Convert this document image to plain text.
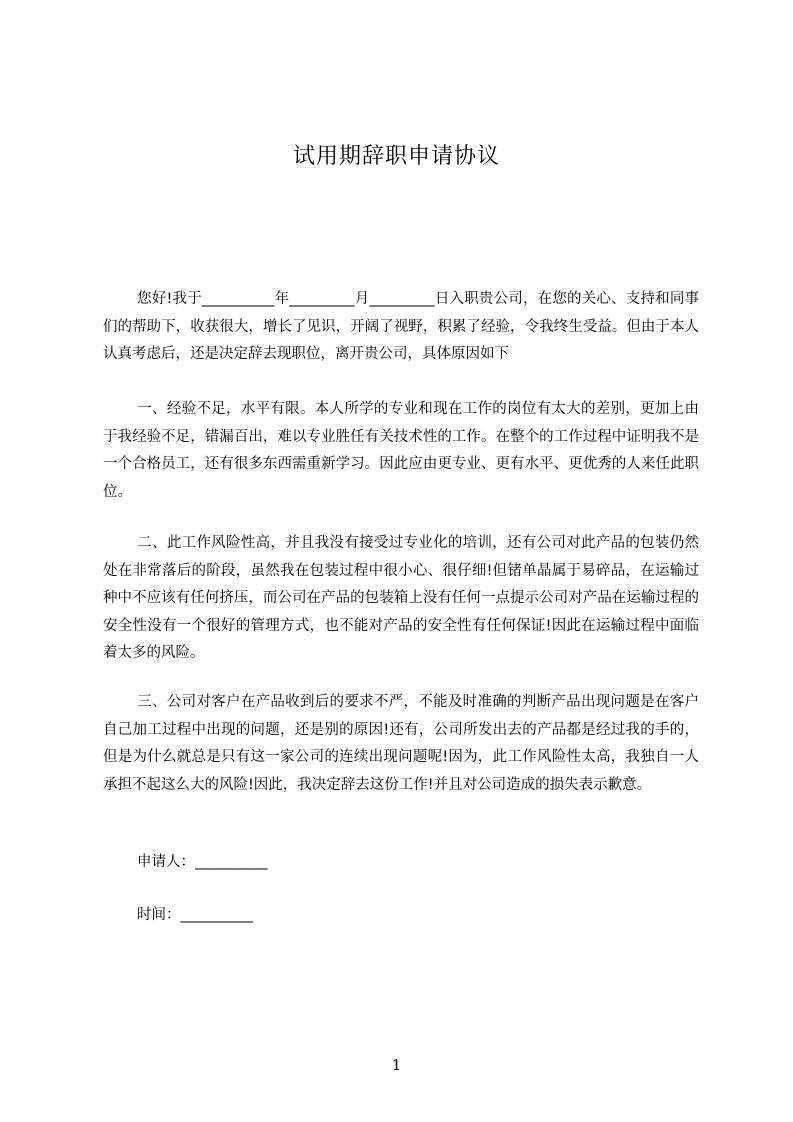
试用期辞职申请协议

您好!我于__________年_________月_________日入职贵公司，在您的关心、支持和同事们的帮助下，收获很大，增长了见识，开阔了视野，积累了经验，令我终生受益。但由于本人认真考虑后，还是决定辞去现职位，离开贵公司，具体原因如下

一、经验不足，水平有限。本人所学的专业和现在工作的岗位有太大的差别，更加上由于我经验不足，错漏百出，难以专业胜任有关技术性的工作。在整个的工作过程中证明我不是一个合格员工，还有很多东西需重新学习。因此应由更专业、更有水平、更优秀的人来任此职位。

二、此工作风险性高，并且我没有接受过专业化的培训，还有公司对此产品的包装仍然处在非常落后的阶段，虽然我在包装过程中很小心、很仔细!但锗单晶属于易碎品，在运输过种中不应该有任何挤压，而公司在产品的包装箱上没有任何一点提示公司对产品在运输过程的安全性没有一个很好的管理方式，也不能对产品的安全性有任何保证!因此在运输过程中面临着太多的风险。

三、公司对客户在产品收到后的要求不严，不能及时准确的判断产品出现问题是在客户自己加工过程中出现的问题，还是别的原因!还有，公司所发出去的产品都是经过我的手的，但是为什么就总是只有这一家公司的连续出现问题呢!因为，此工作风险性太高，我独自一人承担不起这么大的风险!因此，我决定辞去这份工作!并且对公司造成的损失表示歉意。

申请人：__________
时间：__________
1
